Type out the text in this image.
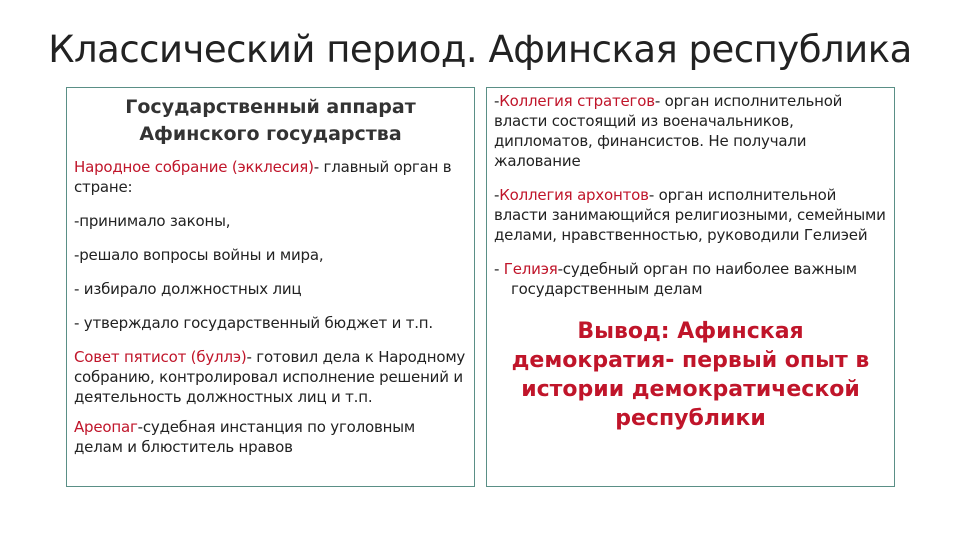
Классический период. Афинская республика
Государственный аппарат
Афинского государства

Народное собрание (экклесия)- главный орган в стране:

-принимало законы,

-решало вопросы войны и мира,

- избирало должностных лиц

- утверждало государственный бюджет и т.п.

Совет пятисот (буллэ)- готовил дела к Народному собранию, контролировал исполнение решений и деятельность должностных лиц и т.п.

Ареопаг-судебная инстанция по уголовным делам и блюститель нравов

-Коллегия стратегов- орган исполнительной власти состоящий из военачальников, дипломатов, финансистов. Не получали жалование

-Коллегия архонтов- орган исполнительной власти занимающийся религиозными, семейными делами, нравственностью, руководили Гелиэей

- Гелиэя-судебный орган по наиболее важным государственным делам

Вывод: Афинская демократия- первый опыт в истории демократической республики
